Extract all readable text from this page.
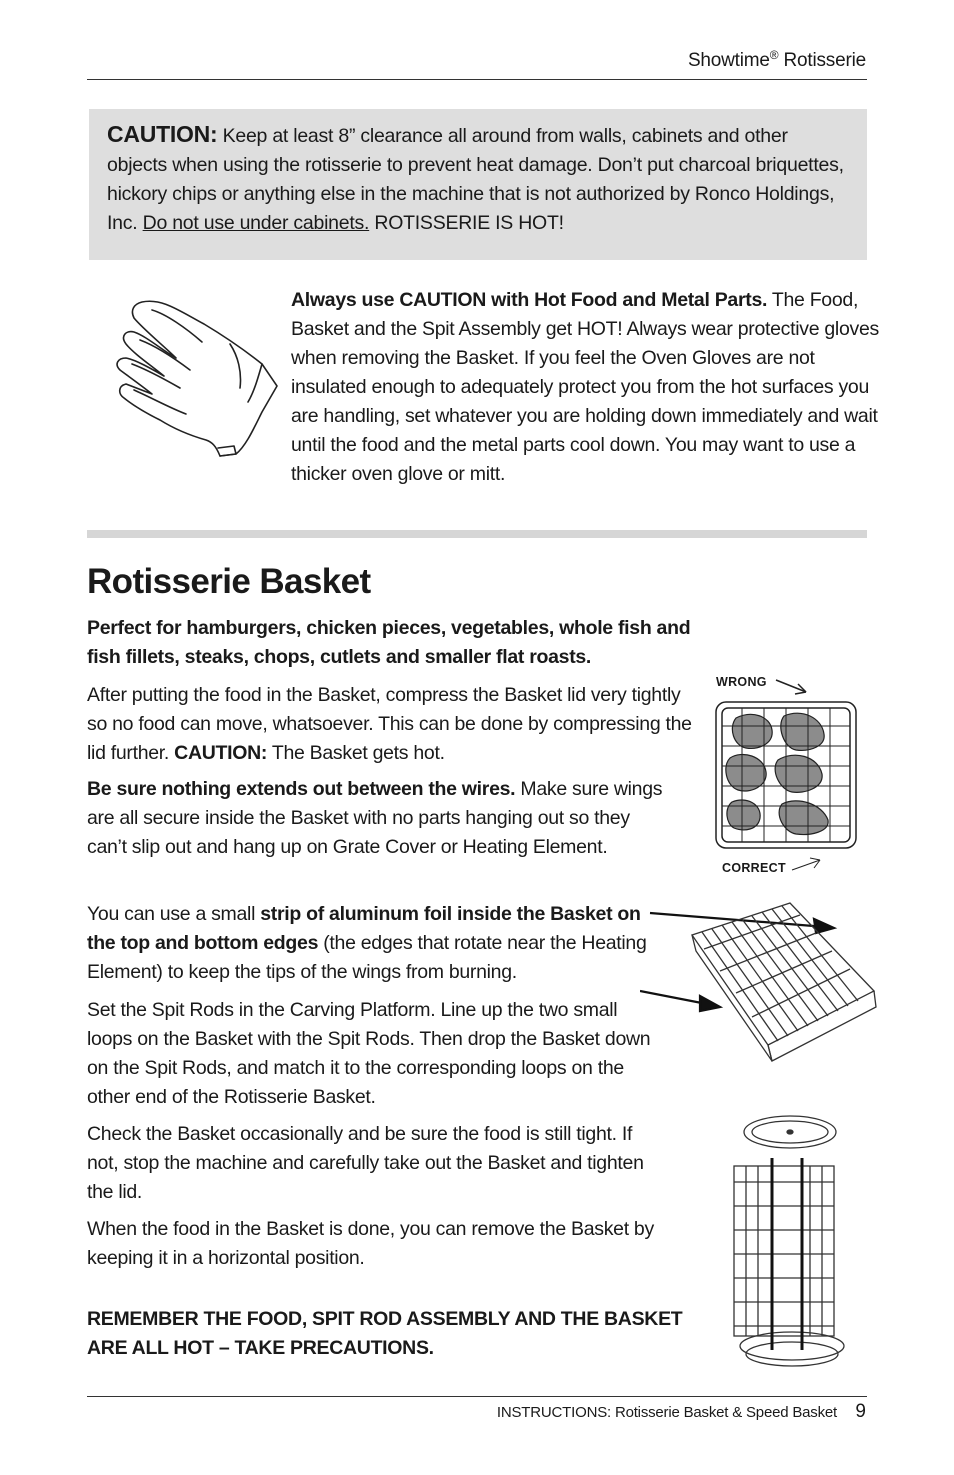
Showtime® Rotisserie
CAUTION: Keep at least 8” clearance all around from walls, cabinets and other objects when using the rotisserie to prevent heat damage. Don’t put charcoal briquettes, hickory chips or anything else in the machine that is not authorized by Ronco Holdings, Inc. Do not use under cabinets. ROTISSERIE IS HOT!
Always use CAUTION with Hot Food and Metal Parts. The Food, Basket and the Spit Assembly get HOT! Always wear protective gloves when removing the Basket. If you feel the Oven Gloves are not insulated enough to adequately protect you from the hot surfaces you are handling, set whatever you are holding down immediately and wait until the food and the metal parts cool down. You may want to use a thicker oven glove or mitt.
Rotisserie Basket
Perfect for hamburgers, chicken pieces, vegetables, whole fish and fish fillets, steaks, chops, cutlets and smaller flat roasts.
After putting the food in the Basket, compress the Basket lid very tightly so no food can move, whatsoever. This can be done by compressing the lid further. CAUTION: The Basket gets hot.
Be sure nothing extends out between the wires. Make sure wings are all secure inside the Basket with no parts hanging out so they can’t slip out and hang up on Grate Cover or Heating Element.
You can use a small strip of aluminum foil inside the Basket on the top and bottom edges (the edges that rotate near the Heating Element) to keep the tips of the wings from burning.
Set the Spit Rods in the Carving Platform. Line up the two small loops on the Basket with the Spit Rods. Then drop the Basket down on the Spit Rods, and match it to the corresponding loops on the other end of the Rotisserie Basket.
Check the Basket occasionally and be sure the food is still tight. If not, stop the machine and carefully take out the Basket and tighten the lid.
When the food in the Basket is done, you can remove the Basket by keeping it in a horizontal position.
REMEMBER THE FOOD, SPIT ROD ASSEMBLY AND THE BASKET ARE ALL HOT – TAKE PRECAUTIONS.
WRONG
CORRECT
INSTRUCTIONS: Rotisserie Basket & Speed Basket 9
